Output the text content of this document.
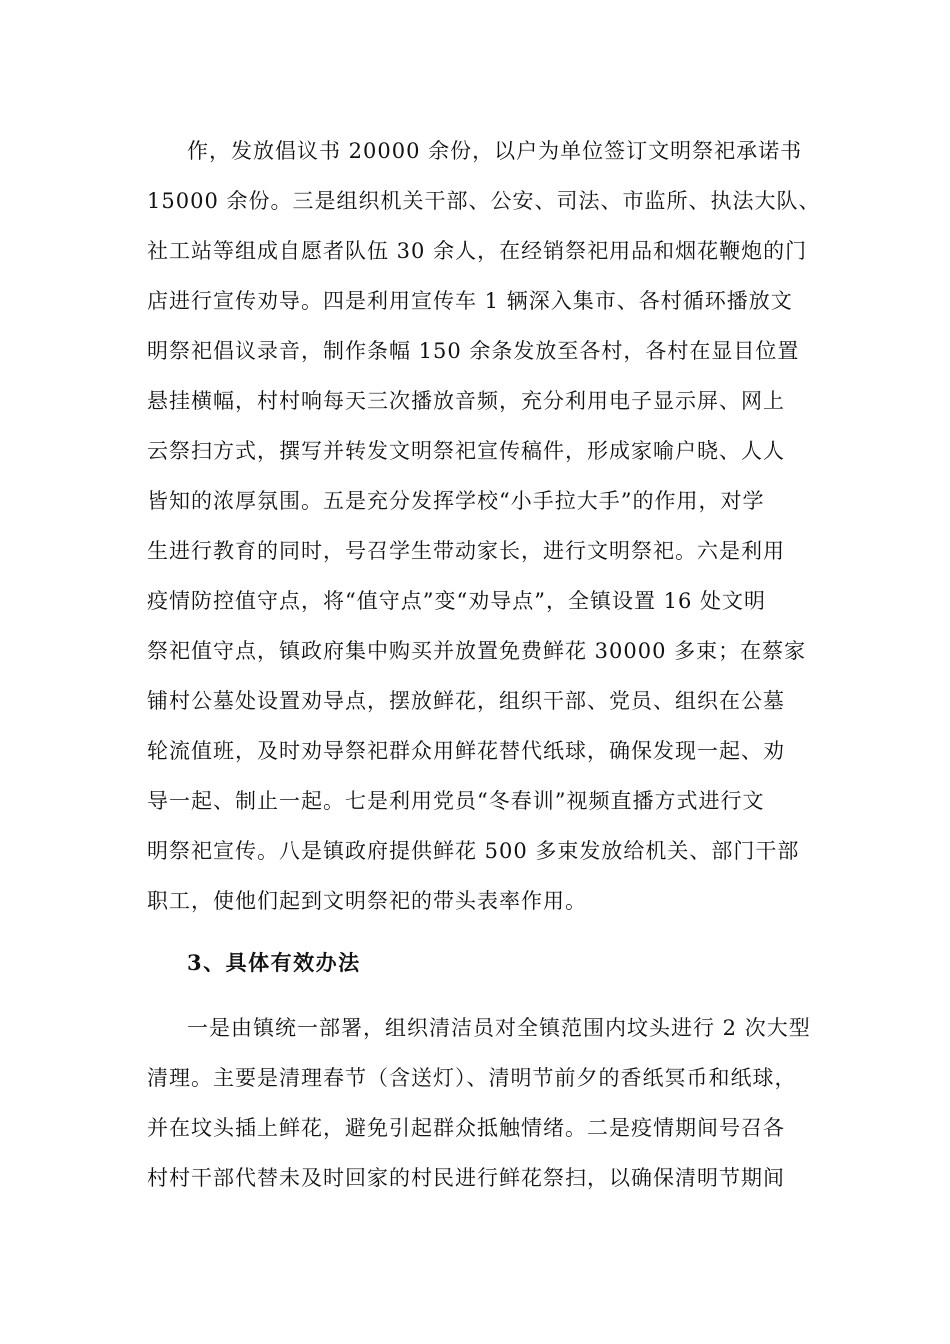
作，发放倡议书 20000 余份，以户为单位签订文明祭祀承诺书
15000 余份。三是组织机关干部、公安、司法、市监所、执法大队、
社工站等组成自愿者队伍 30 余人，在经销祭祀用品和烟花鞭炮的门
店进行宣传劝导。四是利用宣传车 1 辆深入集市、各村循环播放文
明祭祀倡议录音，制作条幅 150 余条发放至各村，各村在显目位置
悬挂横幅，村村响每天三次播放音频，充分利用电子显示屏、网上
云祭扫方式，撰写并转发文明祭祀宣传稿件，形成家喻户晓、人人
皆知的浓厚氛围。五是充分发挥学校“小手拉大手”的作用，对学
生进行教育的同时，号召学生带动家长，进行文明祭祀。六是利用
疫情防控值守点，将“值守点”变“劝导点”，全镇设置 16 处文明
祭祀值守点，镇政府集中购买并放置免费鲜花 30000 多束；在蔡家
铺村公墓处设置劝导点，摆放鲜花，组织干部、党员、组织在公墓
轮流值班，及时劝导祭祀群众用鲜花替代纸球，确保发现一起、劝
导一起、制止一起。七是利用党员“冬春训”视频直播方式进行文
明祭祀宣传。八是镇政府提供鲜花 500 多束发放给机关、部门干部
职工，使他们起到文明祭祀的带头表率作用。
3、具体有效办法
一是由镇统一部署，组织清洁员对全镇范围内坟头进行 2 次大型
清理。主要是清理春节（含送灯）、清明节前夕的香纸冥币和纸球，
并在坟头插上鲜花，避免引起群众抵触情绪。二是疫情期间号召各
村村干部代替未及时回家的村民进行鲜花祭扫，以确保清明节期间
